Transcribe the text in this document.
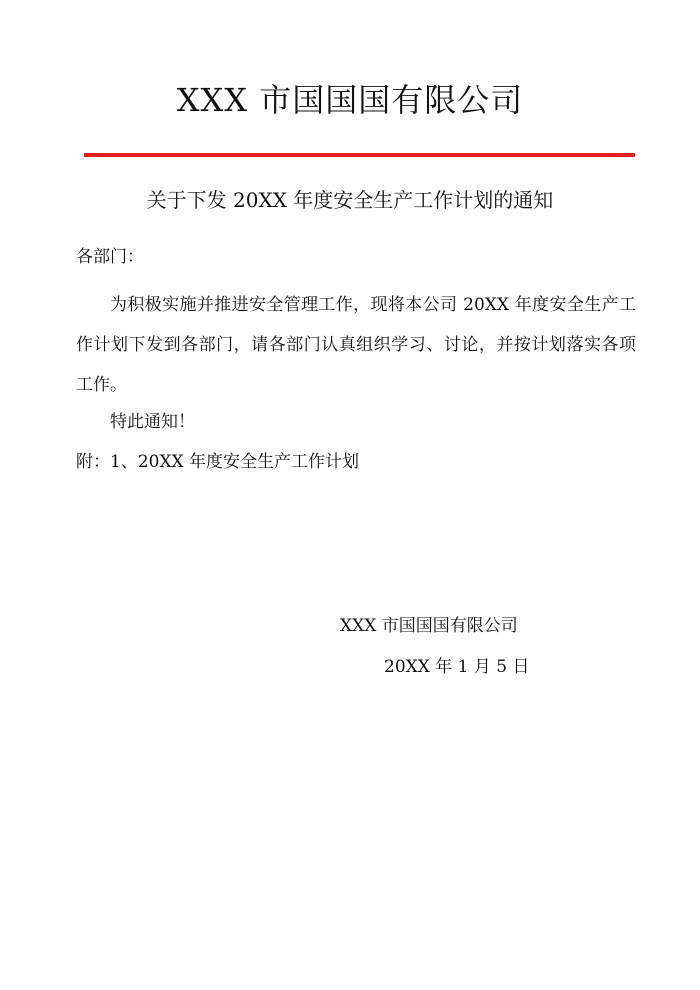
XXX 市国国国有限公司
关于下发 20XX 年度安全生产工作计划的通知
各部门：
为积极实施并推进安全管理工作，现将本公司 20XX 年度安全生产工作计划下发到各部门，请各部门认真组织学习、讨论，并按计划落实各项工作。
特此通知！
附：1、20XX 年度安全生产工作计划
XXX 市国国国有限公司
20XX 年 1 月 5 日
